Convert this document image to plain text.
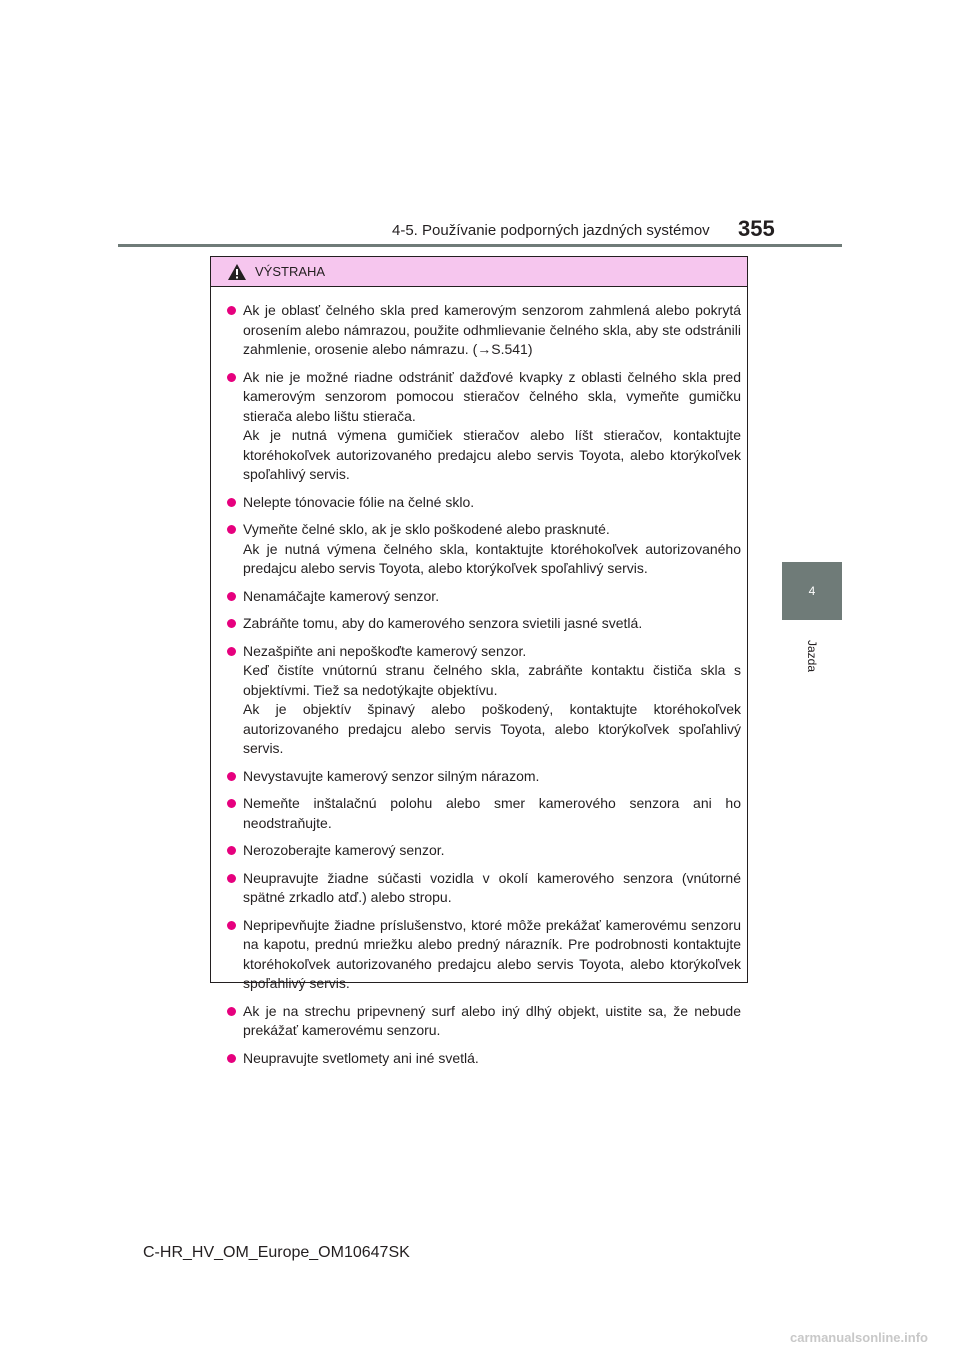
4-5. Používanie podporných jazdných systémov 355
4
Jazda
VÝSTRAHA
Ak je oblasť čelného skla pred kamerovým senzorom zahmlená alebo pokrytá orosením alebo námrazou, použite odhmlievanie čelného skla, aby ste odstránili zahmlenie, orosenie alebo námrazu. (→S.541)
Ak nie je možné riadne odstrániť dažďové kvapky z oblasti čelného skla pred kamerovým senzorom pomocou stieračov čelného skla, vymeňte gumičku stierača alebo lištu stierača.
Ak je nutná výmena gumičiek stieračov alebo líšt stieračov, kontaktujte ktoréhokoľvek autorizovaného predajcu alebo servis Toyota, alebo ktorýkoľvek spoľahlivý servis.
Nelepte tónovacie fólie na čelné sklo.
Vymeňte čelné sklo, ak je sklo poškodené alebo prasknuté.
Ak je nutná výmena čelného skla, kontaktujte ktoréhokoľvek autorizovaného predajcu alebo servis Toyota, alebo ktorýkoľvek spoľahlivý servis.
Nenamáčajte kamerový senzor.
Zabráňte tomu, aby do kamerového senzora svietili jasné svetlá.
Nezašpiňte ani nepoškoďte kamerový senzor.
Keď čistíte vnútornú stranu čelného skla, zabráňte kontaktu čističa skla s objektívmi. Tiež sa nedotýkajte objektívu.
Ak je objektív špinavý alebo poškodený, kontaktujte ktoréhokoľvek autorizovaného predajcu alebo servis Toyota, alebo ktorýkoľvek spoľahlivý servis.
Nevystavujte kamerový senzor silným nárazom.
Nemeňte inštalačnú polohu alebo smer kamerového senzora ani ho neodstraňujte.
Nerozoberajte kamerový senzor.
Neupravujte žiadne súčasti vozidla v okolí kamerového senzora (vnútorné spätné zrkadlo atď.) alebo stropu.
Nepripevňujte žiadne príslušenstvo, ktoré môže prekážať kamerovému senzoru na kapotu, prednú mriežku alebo predný nárazník. Pre podrobnosti kontaktujte ktoréhokoľvek autorizovaného predajcu alebo servis Toyota, alebo ktorýkoľvek spoľahlivý servis.
Ak je na strechu pripevnený surf alebo iný dlhý objekt, uistite sa, že nebude prekážať kamerovému senzoru.
Neupravujte svetlomety ani iné svetlá.
C-HR_HV_OM_Europe_OM10647SK
carmanualsonline.info
